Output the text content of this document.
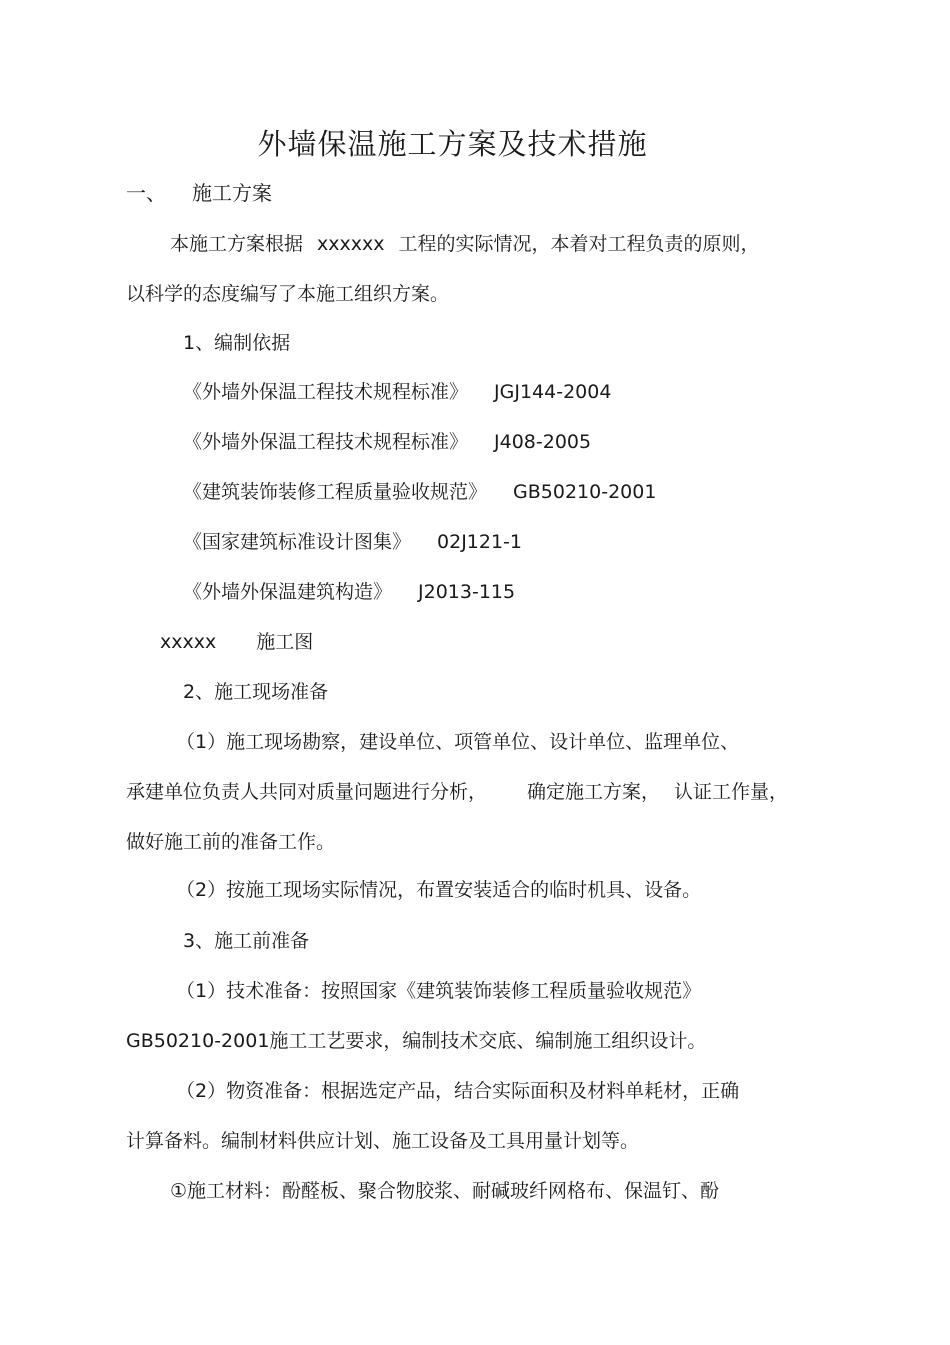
外墙保温施工方案及技术措施
一、 施工方案
本施工方案根据 xxxxxx 工程的实际情况，本着对工程负责的原则，
以科学的态度编写了本施工组织方案。
1、编制依据
《外墙外保温工程技术规程标准》 JGJ144-2004
《外墙外保温工程技术规程标准》 J408-2005
《建筑装饰装修工程质量验收规范》 GB50210-2001
《国家建筑标准设计图集》 02J121-1
《外墙外保温建筑构造》 J2013-115
xxxxx 施工图
2、施工现场准备
（1）施工现场勘察，建设单位、项管单位、设计单位、监理单位、
承建单位负责人共同对质量问题进行分析， 确定施工方案， 认证工作量，
做好施工前的准备工作。
（2）按施工现场实际情况，布置安装适合的临时机具、设备。
3、施工前准备
（1）技术准备：按照国家《建筑装饰装修工程质量验收规范》
GB50210-2001施工工艺要求，编制技术交底、编制施工组织设计。
（2）物资准备：根据选定产品，结合实际面积及材料单耗材，正确
计算备料。编制材料供应计划、施工设备及工具用量计划等。
①施工材料：酚醛板、聚合物胶浆、耐碱玻纤网格布、保温钉、酚
